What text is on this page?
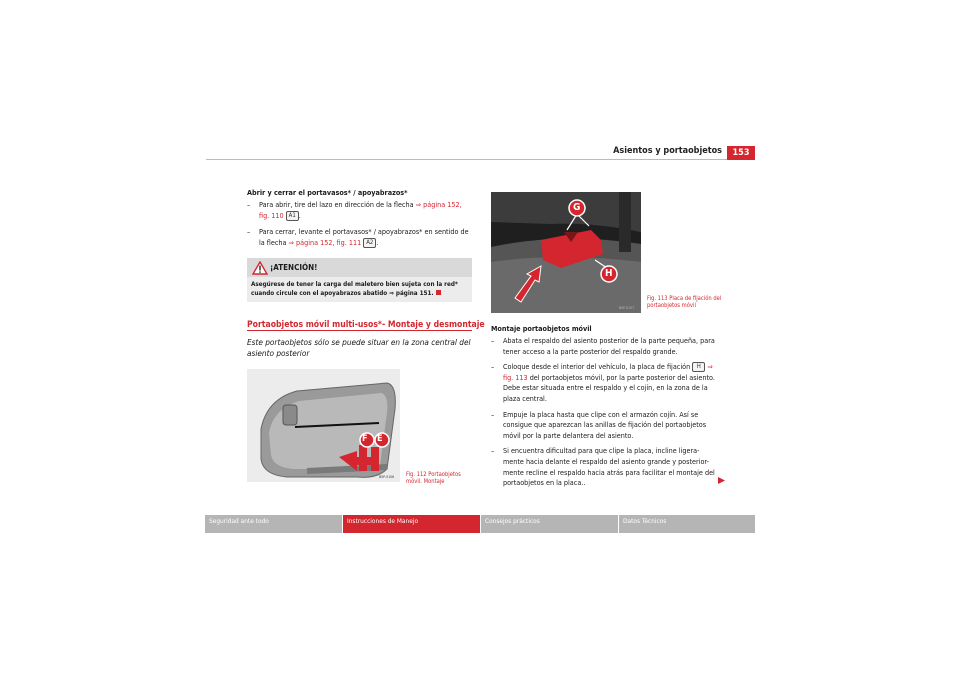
Asientos y portaobjetos	153
Abrir y cerrar el portavasos* / apoyabrazos*
– Para abrir, tire del lazo en dirección de la flecha ⇒ página 152, fig. 110 A1 .
– Para cerrar, levante el portavasos* / apoyabrazos* en sentido de la flecha ⇒ página 152, fig. 111 A2 .
¡ATENCIÓN!
Asegúrese de tener la carga del maletero bien sujeta con la red* cuando circule con el apoyabrazos abatido ⇒ página 151.
Portaobjetos móvil multi-usos*- Montaje y desmontaje
Este portaobjetos sólo se puede situar en la zona central del asiento posterior
F E
B5P-0106 Fig. 112 Portaobjetos móvil. Montaje
G
H
B5P-0107
Fig. 113 Placa de fijación del portaobjetos móvil
Montaje portaobjetos móvil
– Abata el respaldo del asiento posterior de la parte pequeña, para tener acceso a la parte posterior del respaldo grande.
– Coloque desde el interior del vehículo, la placa de fijación H ⇒ fig. 113 del portaobjetos móvil, por la parte posterior del asiento. Debe estar situada entre el respaldo y el cojín, en la zona de la plaza central.
– Empuje la placa hasta que clipe con el armazón cojín. Así se consigue que aparezcan las anillas de fijación del portaobjetos móvil por la parte delantera del asiento.
– Si encuentra dificultad para que clipe la placa, incline ligera-mente hacia delante el respaldo del asiento grande y posterior-mente recline el respaldo hacia atrás para facilitar el montaje del portaobjetos en la placa..
Seguridad ante todo	Instrucciones de Manejo	Consejos prácticos	Datos Técnicos
